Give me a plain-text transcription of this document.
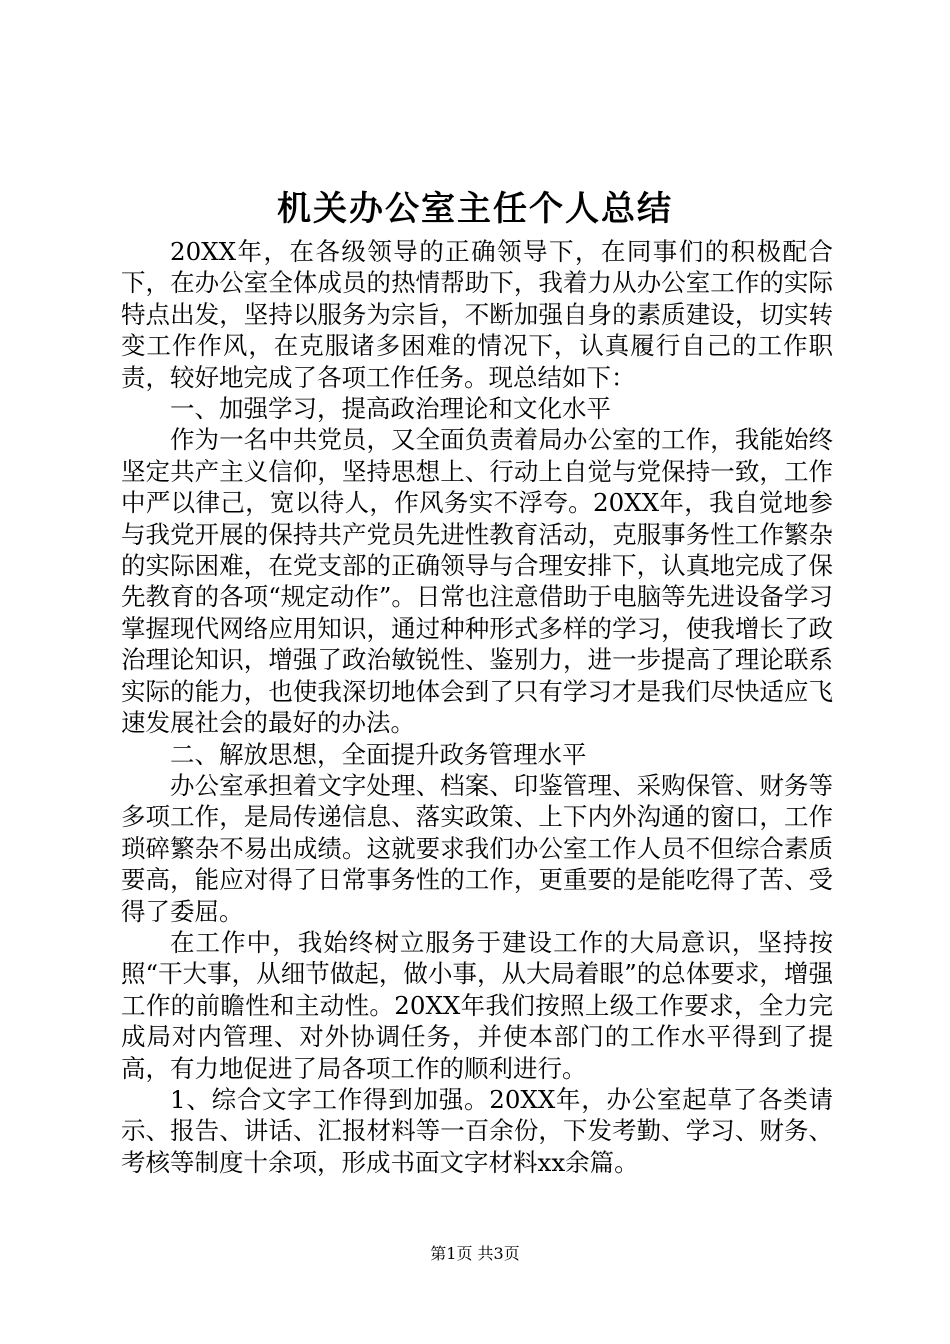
机关办公室主任个人总结

20XX年，在各级领导的正确领导下，在同事们的积极配合下，在办公室全体成员的热情帮助下，我着力从办公室工作的实际特点出发，坚持以服务为宗旨，不断加强自身的素质建设，切实转变工作作风，在克服诸多困难的情况下，认真履行自己的工作职责，较好地完成了各项工作任务。现总结如下：

一、加强学习，提高政治理论和文化水平

作为一名中共党员，又全面负责着局办公室的工作，我能始终坚定共产主义信仰，坚持思想上、行动上自觉与党保持一致，工作中严以律己，宽以待人，作风务实不浮夸。20XX年，我自觉地参与我党开展的保持共产党员先进性教育活动，克服事务性工作繁杂的实际困难，在党支部的正确领导与合理安排下，认真地完成了保先教育的各项“规定动作”。日常也注意借助于电脑等先进设备学习掌握现代网络应用知识，通过种种形式多样的学习，使我增长了政治理论知识，增强了政治敏锐性、鉴别力，进一步提高了理论联系实际的能力，也使我深切地体会到了只有学习才是我们尽快适应飞速发展社会的最好的办法。

二、解放思想，全面提升政务管理水平

办公室承担着文字处理、档案、印鉴管理、采购保管、财务等多项工作，是局传递信息、落实政策、上下内外沟通的窗口，工作琐碎繁杂不易出成绩。这就要求我们办公室工作人员不但综合素质要高，能应对得了日常事务性的工作，更重要的是能吃得了苦、受得了委屈。

在工作中，我始终树立服务于建设工作的大局意识，坚持按照“干大事，从细节做起，做小事，从大局着眼”的总体要求，增强工作的前瞻性和主动性。20XX年我们按照上级工作要求，全力完成局对内管理、对外协调任务，并使本部门的工作水平得到了提高，有力地促进了局各项工作的顺利进行。

1、综合文字工作得到加强。20XX年，办公室起草了各类请示、报告、讲话、汇报材料等一百余份，下发考勤、学习、财务、考核等制度十余项，形成书面文字材料xx余篇。

第1页 共3页
